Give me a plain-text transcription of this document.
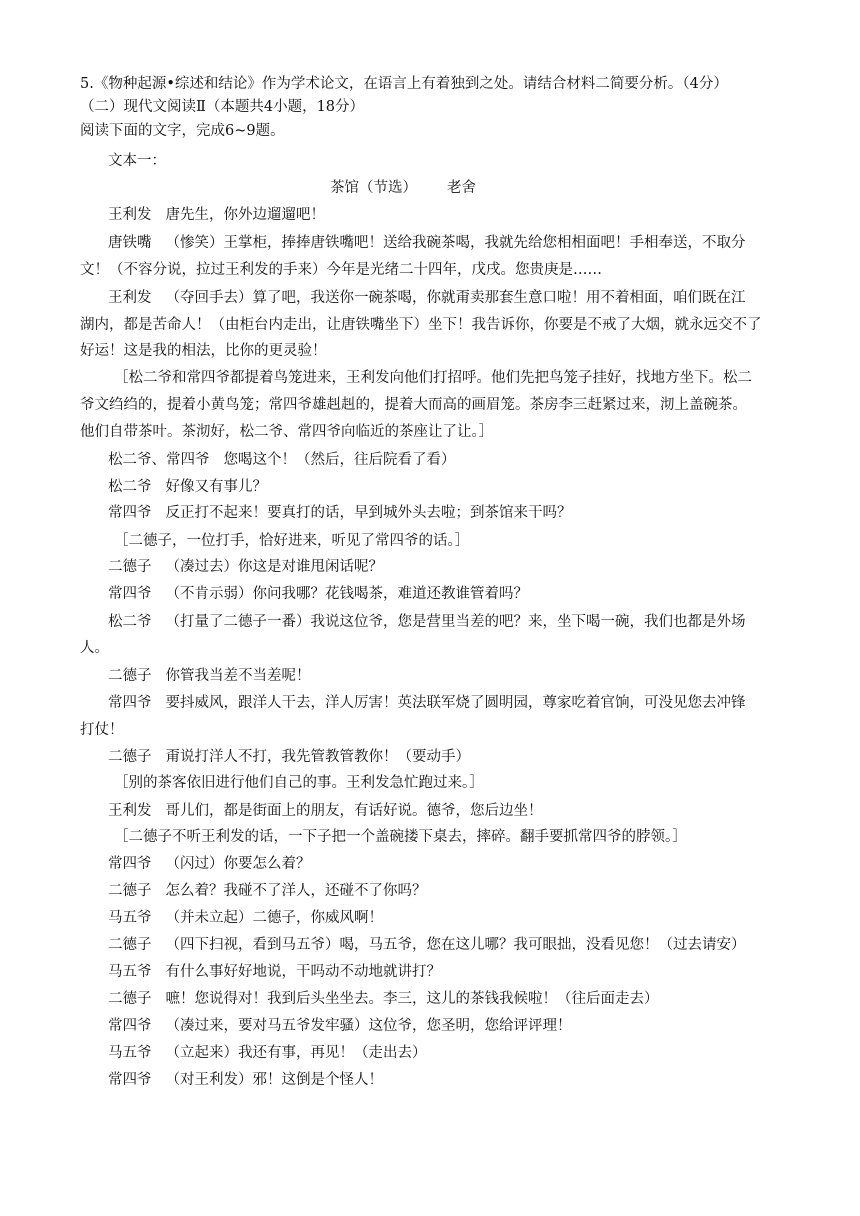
5.《物种起源•综述和结论》作为学术论文，在语言上有着独到之处。请结合材料二简要分析。（4分）
（二）现代文阅读Ⅱ（本题共4小题，18分）
阅读下面的文字，完成6~9题。
文本一：
茶馆（节选） 老舍
王利发 唐先生，你外边遛遛吧！
唐铁嘴 （惨笑）王掌柜，捧捧唐铁嘴吧！送给我碗茶喝，我就先给您相相面吧！手相奉送，不取分
文！（不容分说，拉过王利发的手来）今年是光绪二十四年，戊戌。您贵庚是……
王利发 （夺回手去）算了吧，我送你一碗茶喝，你就甭卖那套生意口啦！用不着相面，咱们既在江
湖内，都是苦命人！（由柜台内走出，让唐铁嘴坐下）坐下！我告诉你，你要是不戒了大烟，就永远交不了
好运！这是我的相法，比你的更灵验！
［松二爷和常四爷都提着鸟笼进来，王利发向他们打招呼。他们先把鸟笼子挂好，找地方坐下。松二
爷文绉绉的，提着小黄鸟笼；常四爷雄赳赳的，提着大而高的画眉笼。茶房李三赶紧过来，沏上盖碗茶。
他们自带茶叶。茶沏好，松二爷、常四爷向临近的茶座让了让。］
松二爷、常四爷 您喝这个！（然后，往后院看了看）
松二爷 好像又有事儿？
常四爷 反正打不起来！要真打的话，早到城外头去啦；到茶馆来干吗？
［二德子，一位打手，恰好进来，听见了常四爷的话。］
二德子 （凑过去）你这是对谁甩闲话呢？
常四爷 （不肯示弱）你问我哪？花钱喝茶，难道还教谁管着吗？
松二爷 （打量了二德子一番）我说这位爷，您是营里当差的吧？来，坐下喝一碗，我们也都是外场
人。
二德子 你管我当差不当差呢！
常四爷 要抖威风，跟洋人干去，洋人厉害！英法联军烧了圆明园，尊家吃着官饷，可没见您去冲锋
打仗！
二德子 甭说打洋人不打，我先管教管教你！（要动手）
［别的茶客依旧进行他们自己的事。王利发急忙跑过来。］
王利发 哥儿们，都是街面上的朋友，有话好说。德爷，您后边坐！
［二德子不听王利发的话，一下子把一个盖碗搂下桌去，摔碎。翻手要抓常四爷的脖领。］
常四爷 （闪过）你要怎么着？
二德子 怎么着？我碰不了洋人，还碰不了你吗？
马五爷 （并未立起）二德子，你威风啊！
二德子 （四下扫视，看到马五爷）喝，马五爷，您在这儿哪？我可眼拙，没看见您！（过去请安）
马五爷 有什么事好好地说，干吗动不动地就讲打？
二德子 嗻！您说得对！我到后头坐坐去。李三，这儿的茶钱我候啦！（往后面走去）
常四爷 （凑过来，要对马五爷发牢骚）这位爷，您圣明，您给评评理！
马五爷 （立起来）我还有事，再见！（走出去）
常四爷 （对王利发）邪！这倒是个怪人！
